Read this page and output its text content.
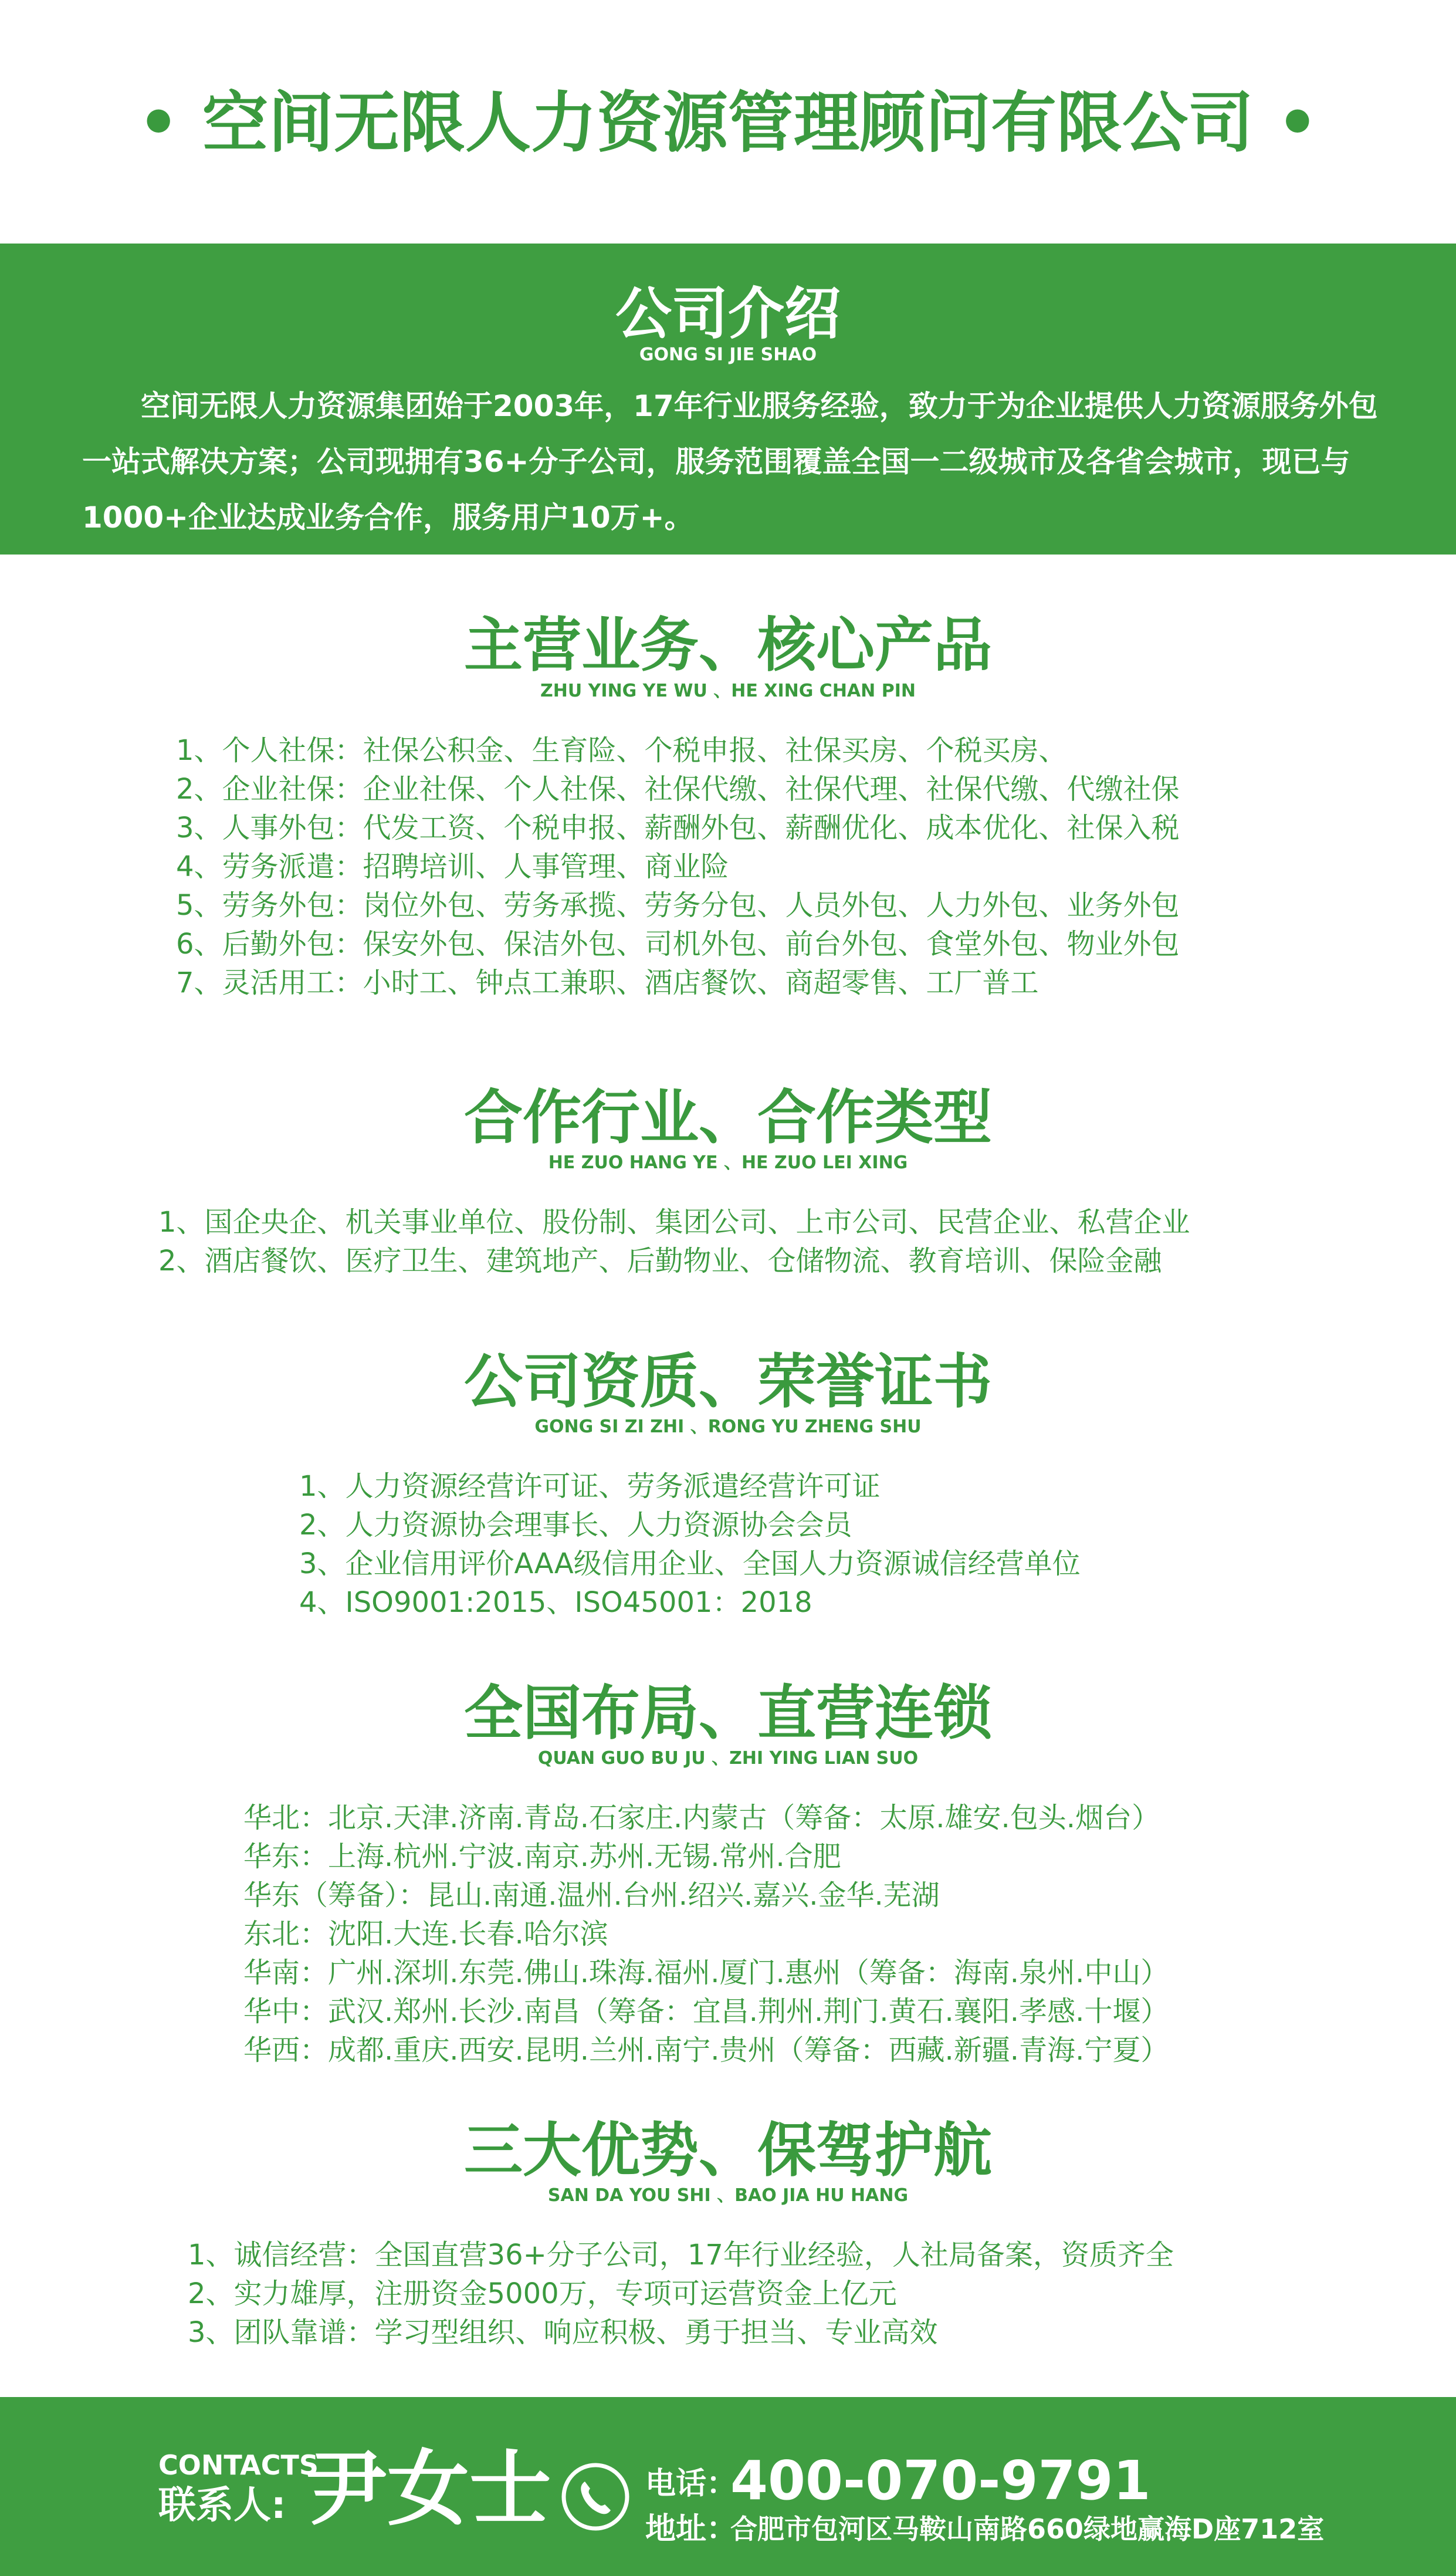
• 空间无限人力资源管理顾问有限公司 •
公司介绍
GONG SI JIE SHAO
空间无限人力资源集团始于2003年，17年行业服务经验，致力于为企业提供人力资源服务外包一站式解决方案；公司现拥有36+分子公司，服务范围覆盖全国一二级城市及各省会城市，现已与1000+企业达成业务合作，服务用户10万+。
主营业务、核心产品
ZHU YING YE WU 、HE XING CHAN PIN
1、个人社保：社保公积金、生育险、个税申报、社保买房、个税买房、
2、企业社保：企业社保、个人社保、社保代缴、社保代理、社保代缴、代缴社保
3、人事外包：代发工资、个税申报、薪酬外包、薪酬优化、成本优化、社保入税
4、劳务派遣：招聘培训、人事管理、商业险
5、劳务外包：岗位外包、劳务承揽、劳务分包、人员外包、人力外包、业务外包
6、后勤外包：保安外包、保洁外包、司机外包、前台外包、食堂外包、物业外包
7、灵活用工：小时工、钟点工兼职、酒店餐饮、商超零售、工厂普工
合作行业、合作类型
HE ZUO HANG YE 、HE ZUO LEI XING
1、国企央企、机关事业单位、股份制、集团公司、上市公司、民营企业、私营企业
2、酒店餐饮、医疗卫生、建筑地产、后勤物业、仓储物流、教育培训、保险金融
公司资质、荣誉证书
GONG SI ZI ZHI 、RONG YU ZHENG SHU
1、人力资源经营许可证、劳务派遣经营许可证
2、人力资源协会理事长、人力资源协会会员
3、企业信用评价AAA级信用企业、全国人力资源诚信经营单位
4、ISO9001:2015、ISO45001：2018
全国布局、直营连锁
QUAN GUO BU JU 、ZHI YING LIAN SUO
华北：北京.天津.济南.青岛.石家庄.内蒙古（筹备：太原.雄安.包头.烟台）
华东：上海.杭州.宁波.南京.苏州.无锡.常州.合肥
华东（筹备）：昆山.南通.温州.台州.绍兴.嘉兴.金华.芜湖
东北：沈阳.大连.长春.哈尔滨
华南：广州.深圳.东莞.佛山.珠海.福州.厦门.惠州（筹备：海南.泉州.中山）
华中：武汉.郑州.长沙.南昌（筹备：宜昌.荆州.荆门.黄石.襄阳.孝感.十堰）
华西：成都.重庆.西安.昆明.兰州.南宁.贵州（筹备：西藏.新疆.青海.宁夏）
三大优势、保驾护航
SAN DA YOU SHI 、BAO JIA HU HANG
1、诚信经营：全国直营36+分子公司，17年行业经验，人社局备案，资质齐全
2、实力雄厚，注册资金5000万，专项可运营资金上亿元
3、团队靠谱：学习型组织、响应积极、勇于担当、专业高效
CONTACTS
联系人: 尹女士	电话：
400-070-9791
地址：
合肥市包河区马鞍山南路660绿地赢海D座712室
